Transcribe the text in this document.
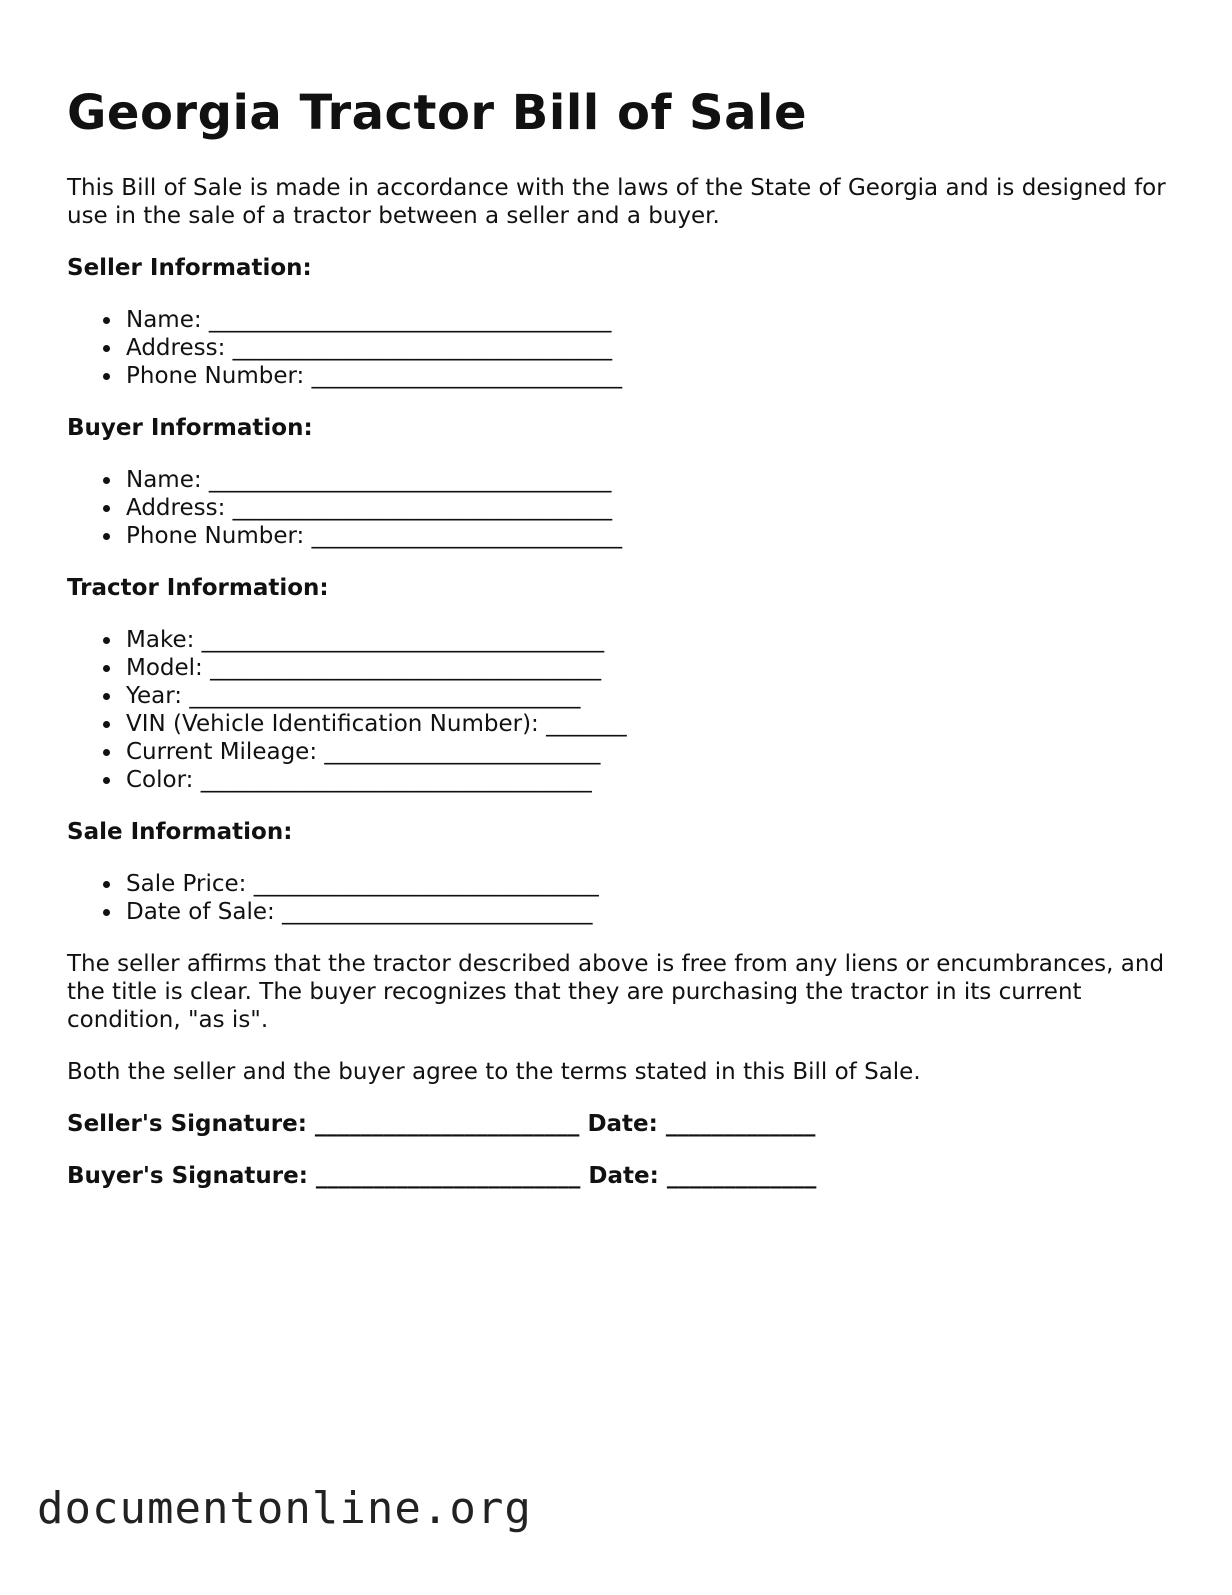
Georgia Tractor Bill of Sale

This Bill of Sale is made in accordance with the laws of the State of Georgia and is designed for use in the sale of a tractor between a seller and a buyer.

Seller Information:
Name: ___________________________________
Address: _________________________________
Phone Number: ___________________________
Buyer Information:
Name: ___________________________________
Address: _________________________________
Phone Number: ___________________________
Tractor Information:
Make: ___________________________________
Model: __________________________________
Year: __________________________________
VIN (Vehicle Identification Number): _______
Current Mileage: ________________________
Color: __________________________________
Sale Information:
Sale Price: ______________________________
Date of Sale: ___________________________

The seller affirms that the tractor described above is free from any liens or encumbrances, and the title is clear. The buyer recognizes that they are purchasing the tractor in its current condition, "as is".

Both the seller and the buyer agree to the terms stated in this Bill of Sale.

Seller's Signature: _______________________ Date: _____________
Buyer's Signature: _______________________ Date: _____________
documentonline.org
